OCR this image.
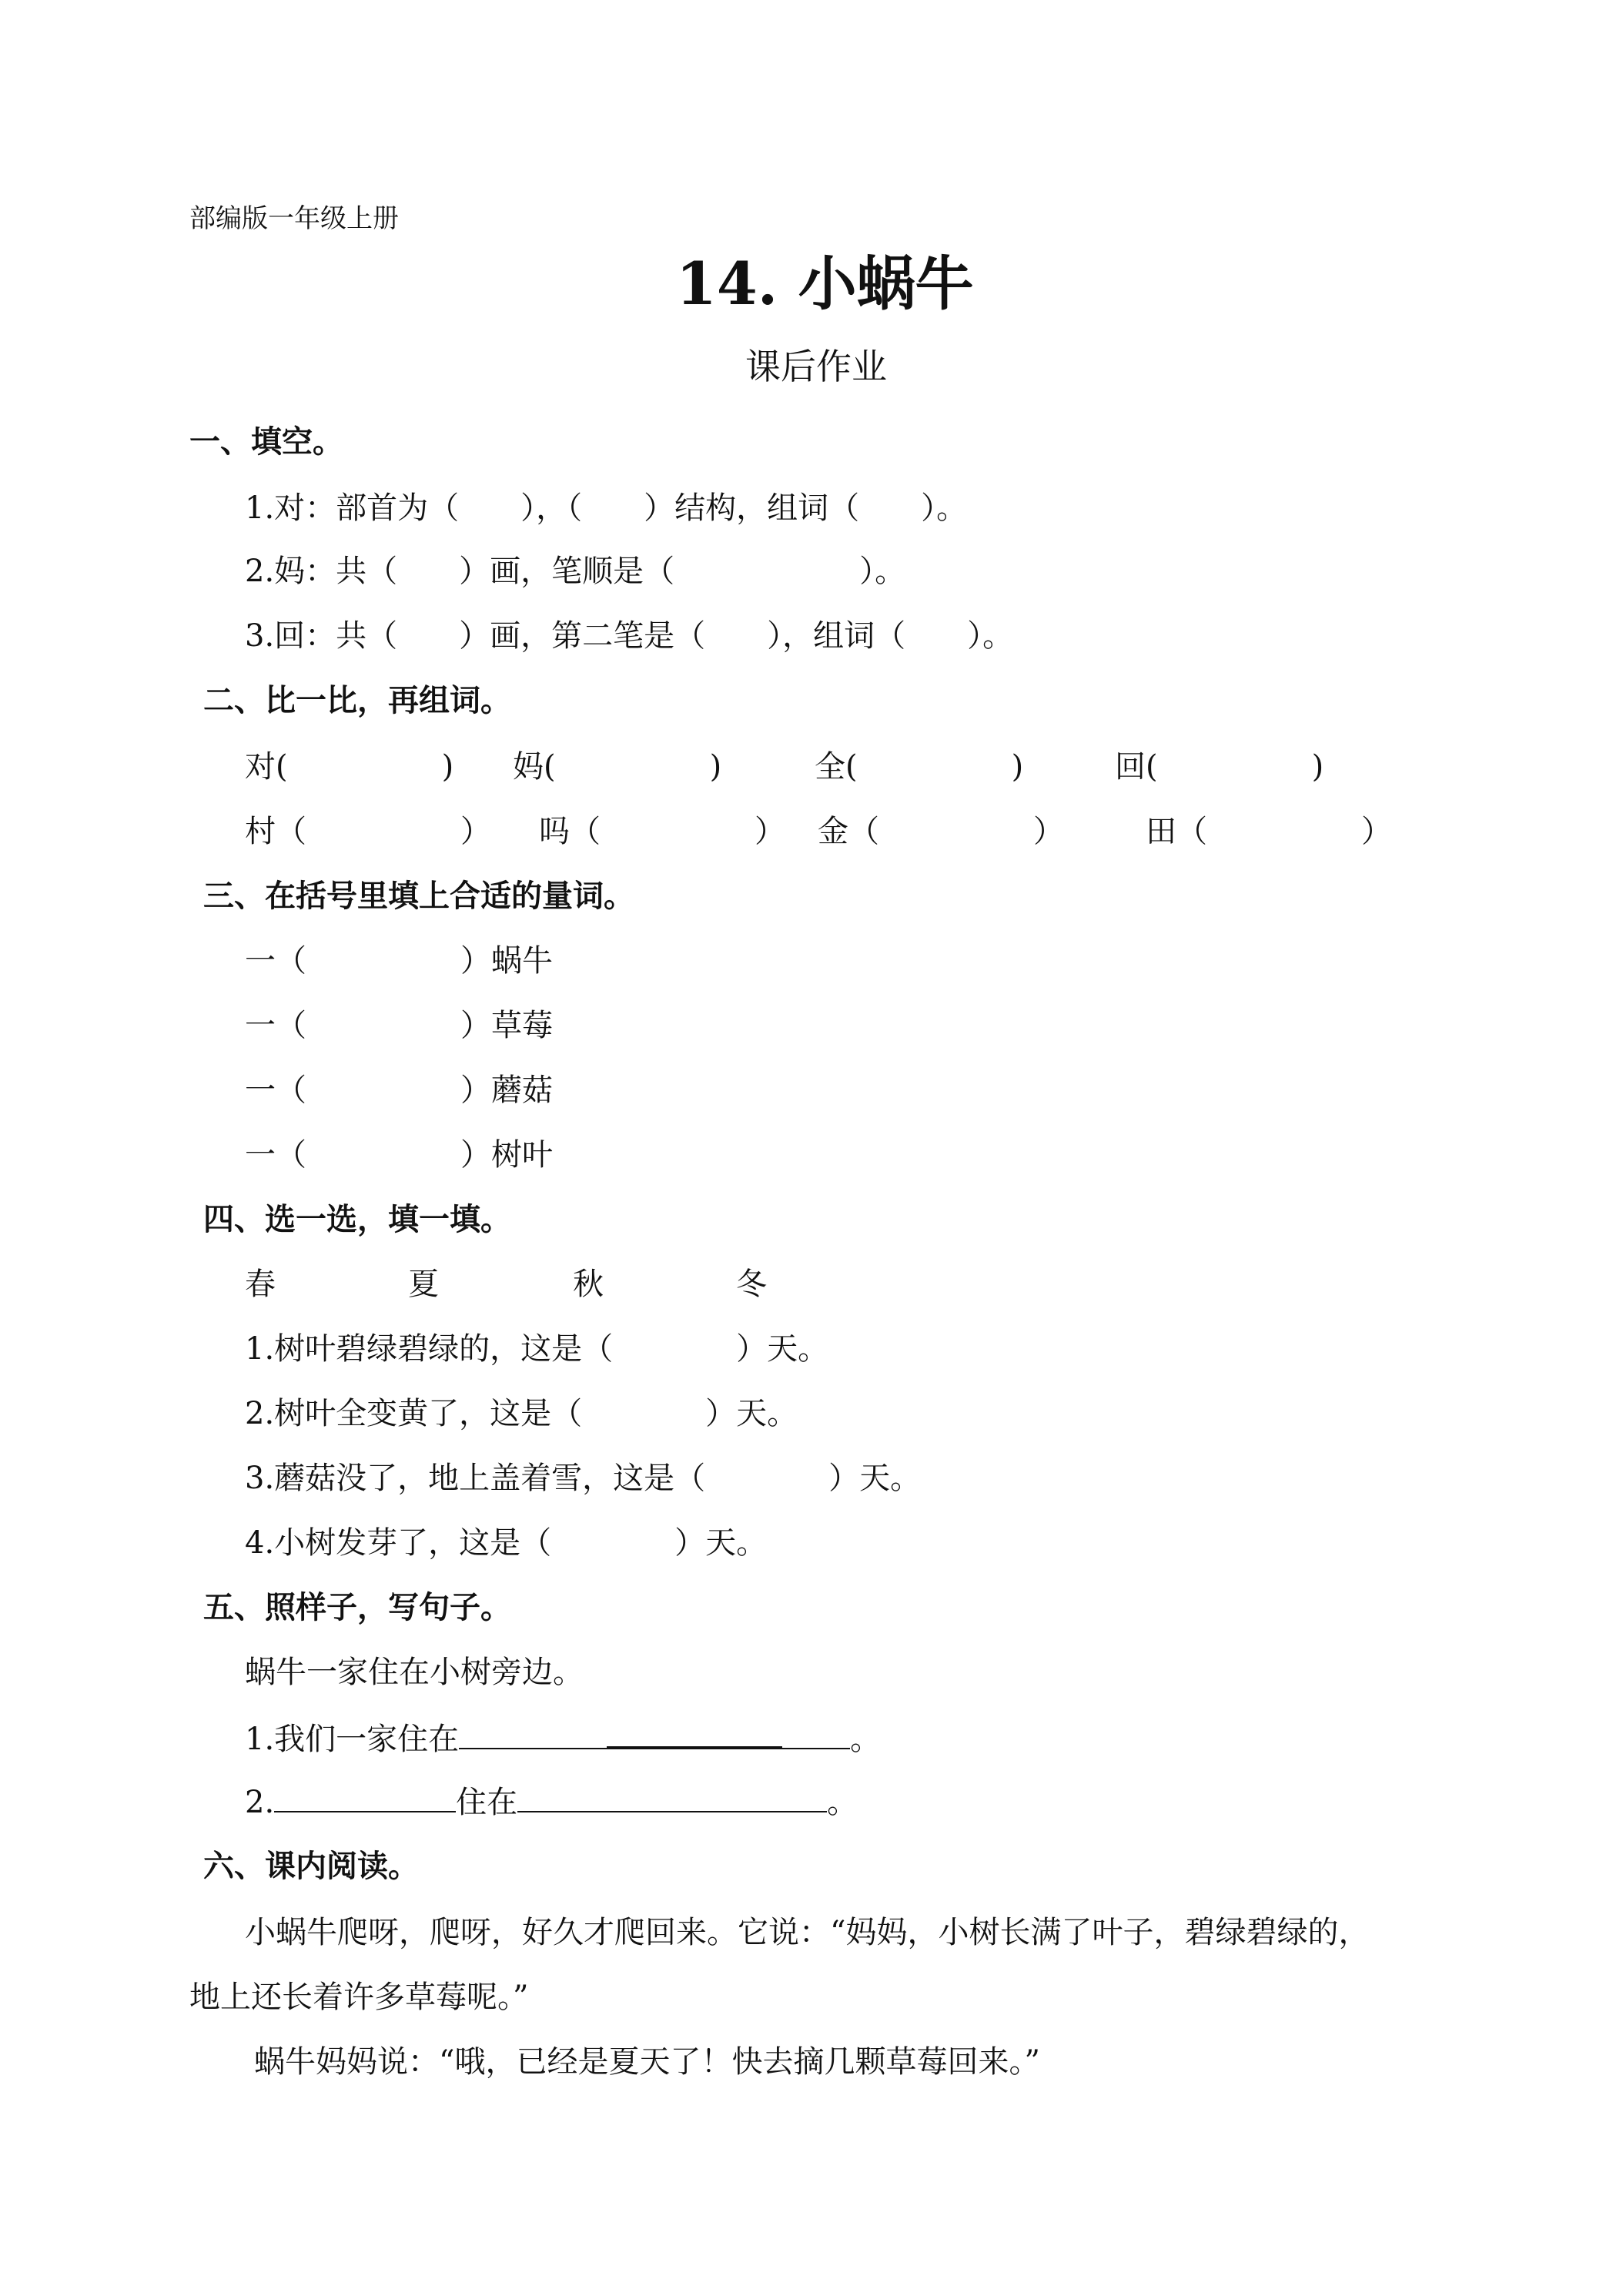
部编版一年级上册
14. 小蜗牛
课后作业
一、填空。
1.对：部首为（　　），（　　）结构，组词（　　）。
2.妈：共（　　）画，笔顺是（　　　　　　）。
3.回：共（　　）画，第二笔是（　　），组词（　　）。
二、比一比，再组词。
对(　　　　　) 妈(　　　　　)	全(　　　　　)	回(　　　　　)
村（　　　　　） 吗（　　　　　） 金（　　　　　）	田（　　　　　）
三、在括号里填上合适的量词。
一（　　　　　）蜗牛
一（　　　　　）草莓
一（　　　　　）蘑菇
一（　　　　　）树叶
四、选一选，填一填。
春	夏	秋	冬
1.树叶碧绿碧绿的，这是（　　　　）天。
2.树叶全变黄了，这是（　　　　）天。
3.蘑菇没了，地上盖着雪，这是（　　　　）天。
4.小树发芽了，这是（　　　　）天。
五、照样子，写句子。
蜗牛一家住在小树旁边。
1.我们一家住在	。
2.	住在	。
六、课内阅读。
小蜗牛爬呀，爬呀，好久才爬回来。它说：“妈妈，小树长满了叶子，碧绿碧绿的，
地上还长着许多草莓呢。”
蜗牛妈妈说：“哦，已经是夏天了！快去摘几颗草莓回来。”
